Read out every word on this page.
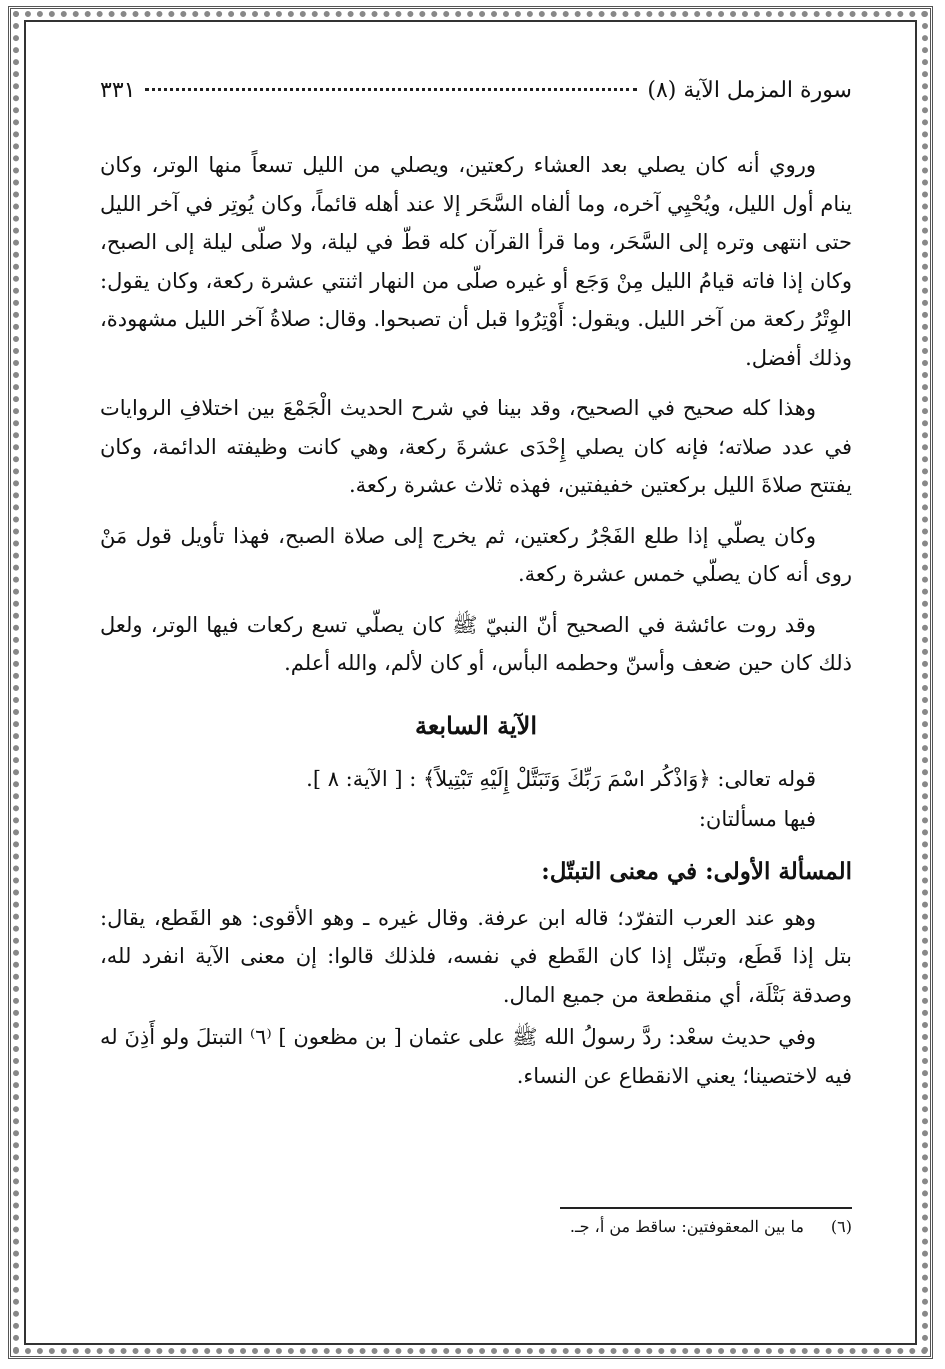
سورة المزمل الآية (٨)
٣٣١

وروي أنه كان يصلي بعد العشاء ركعتين، ويصلي من الليل تسعاً منها الوتر، وكان ينام أول الليل، ويُحْيِي آخره، وما ألفاه السَّحَر إلا عند أهله قائماً، وكان يُوتِر في آخر الليل حتى انتهى وتره إلى السَّحَر، وما قرأ القرآن كله قطّ في ليلة، ولا صلّى ليلة إلى الصبح، وكان إذا فاته قيامُ الليل مِنْ وَجَع أو غيره صلّى من النهار اثنتي عشرة ركعة، وكان يقول: الوِتْرُ ركعة من آخر الليل. ويقول: أَوْتِرُوا قبل أن تصبحوا. وقال: صلاةُ آخر الليل مشهودة، وذلك أفضل.

وهذا كله صحيح في الصحيح، وقد بينا في شرح الحديث الْجَمْعَ بين اختلافِ الروايات في عدد صلاته؛ فإنه كان يصلي إِحْدَى عشرةَ ركعة، وهي كانت وظيفته الدائمة، وكان يفتتح صلاةَ الليل بركعتين خفيفتين، فهذه ثلاث عشرة ركعة.

وكان يصلّي إذا طلع الفَجْرُ ركعتين، ثم يخرج إلى صلاة الصبح، فهذا تأويل قول مَنْ روى أنه كان يصلّي خمس عشرة ركعة.

وقد روت عائشة في الصحيح أنّ النبيّ ﷺ كان يصلّي تسع ركعات فيها الوتر، ولعل ذلك كان حين ضعف وأسنّ وحطمه البأس، أو كان لألم، والله أعلم.

الآية السابعة

قوله تعالى: ﴿وَاذْكُر اسْمَ رَبِّكَ وَتَبَتَّلْ إِلَيْهِ تَبْتِيلاً﴾ : [ الآية: ٨ ].

فيها مسألتان:

المسألة الأولى: في معنى التبتّل:

وهو عند العرب التفرّد؛ قاله ابن عرفة. وقال غيره ـ وهو الأقوى: هو القَطع، يقال: بتل إذا قَطَع، وتبتّل إذا كان القَطع في نفسه، فلذلك قالوا: إن معنى الآية انفرد لله، وصدقة بَتْلَة، أي منقطعة من جميع المال.

وفي حديث سعْد: ردَّ رسولُ الله ﷺ على عثمان [ بن مظعون ] ⁽٦⁾ التبتلَ ولو أَذِنَ له فيه لاختصينا؛ يعني الانقطاع عن النساء.

(٦)
ما بين المعقوفتين: ساقط من أ، جـ.
